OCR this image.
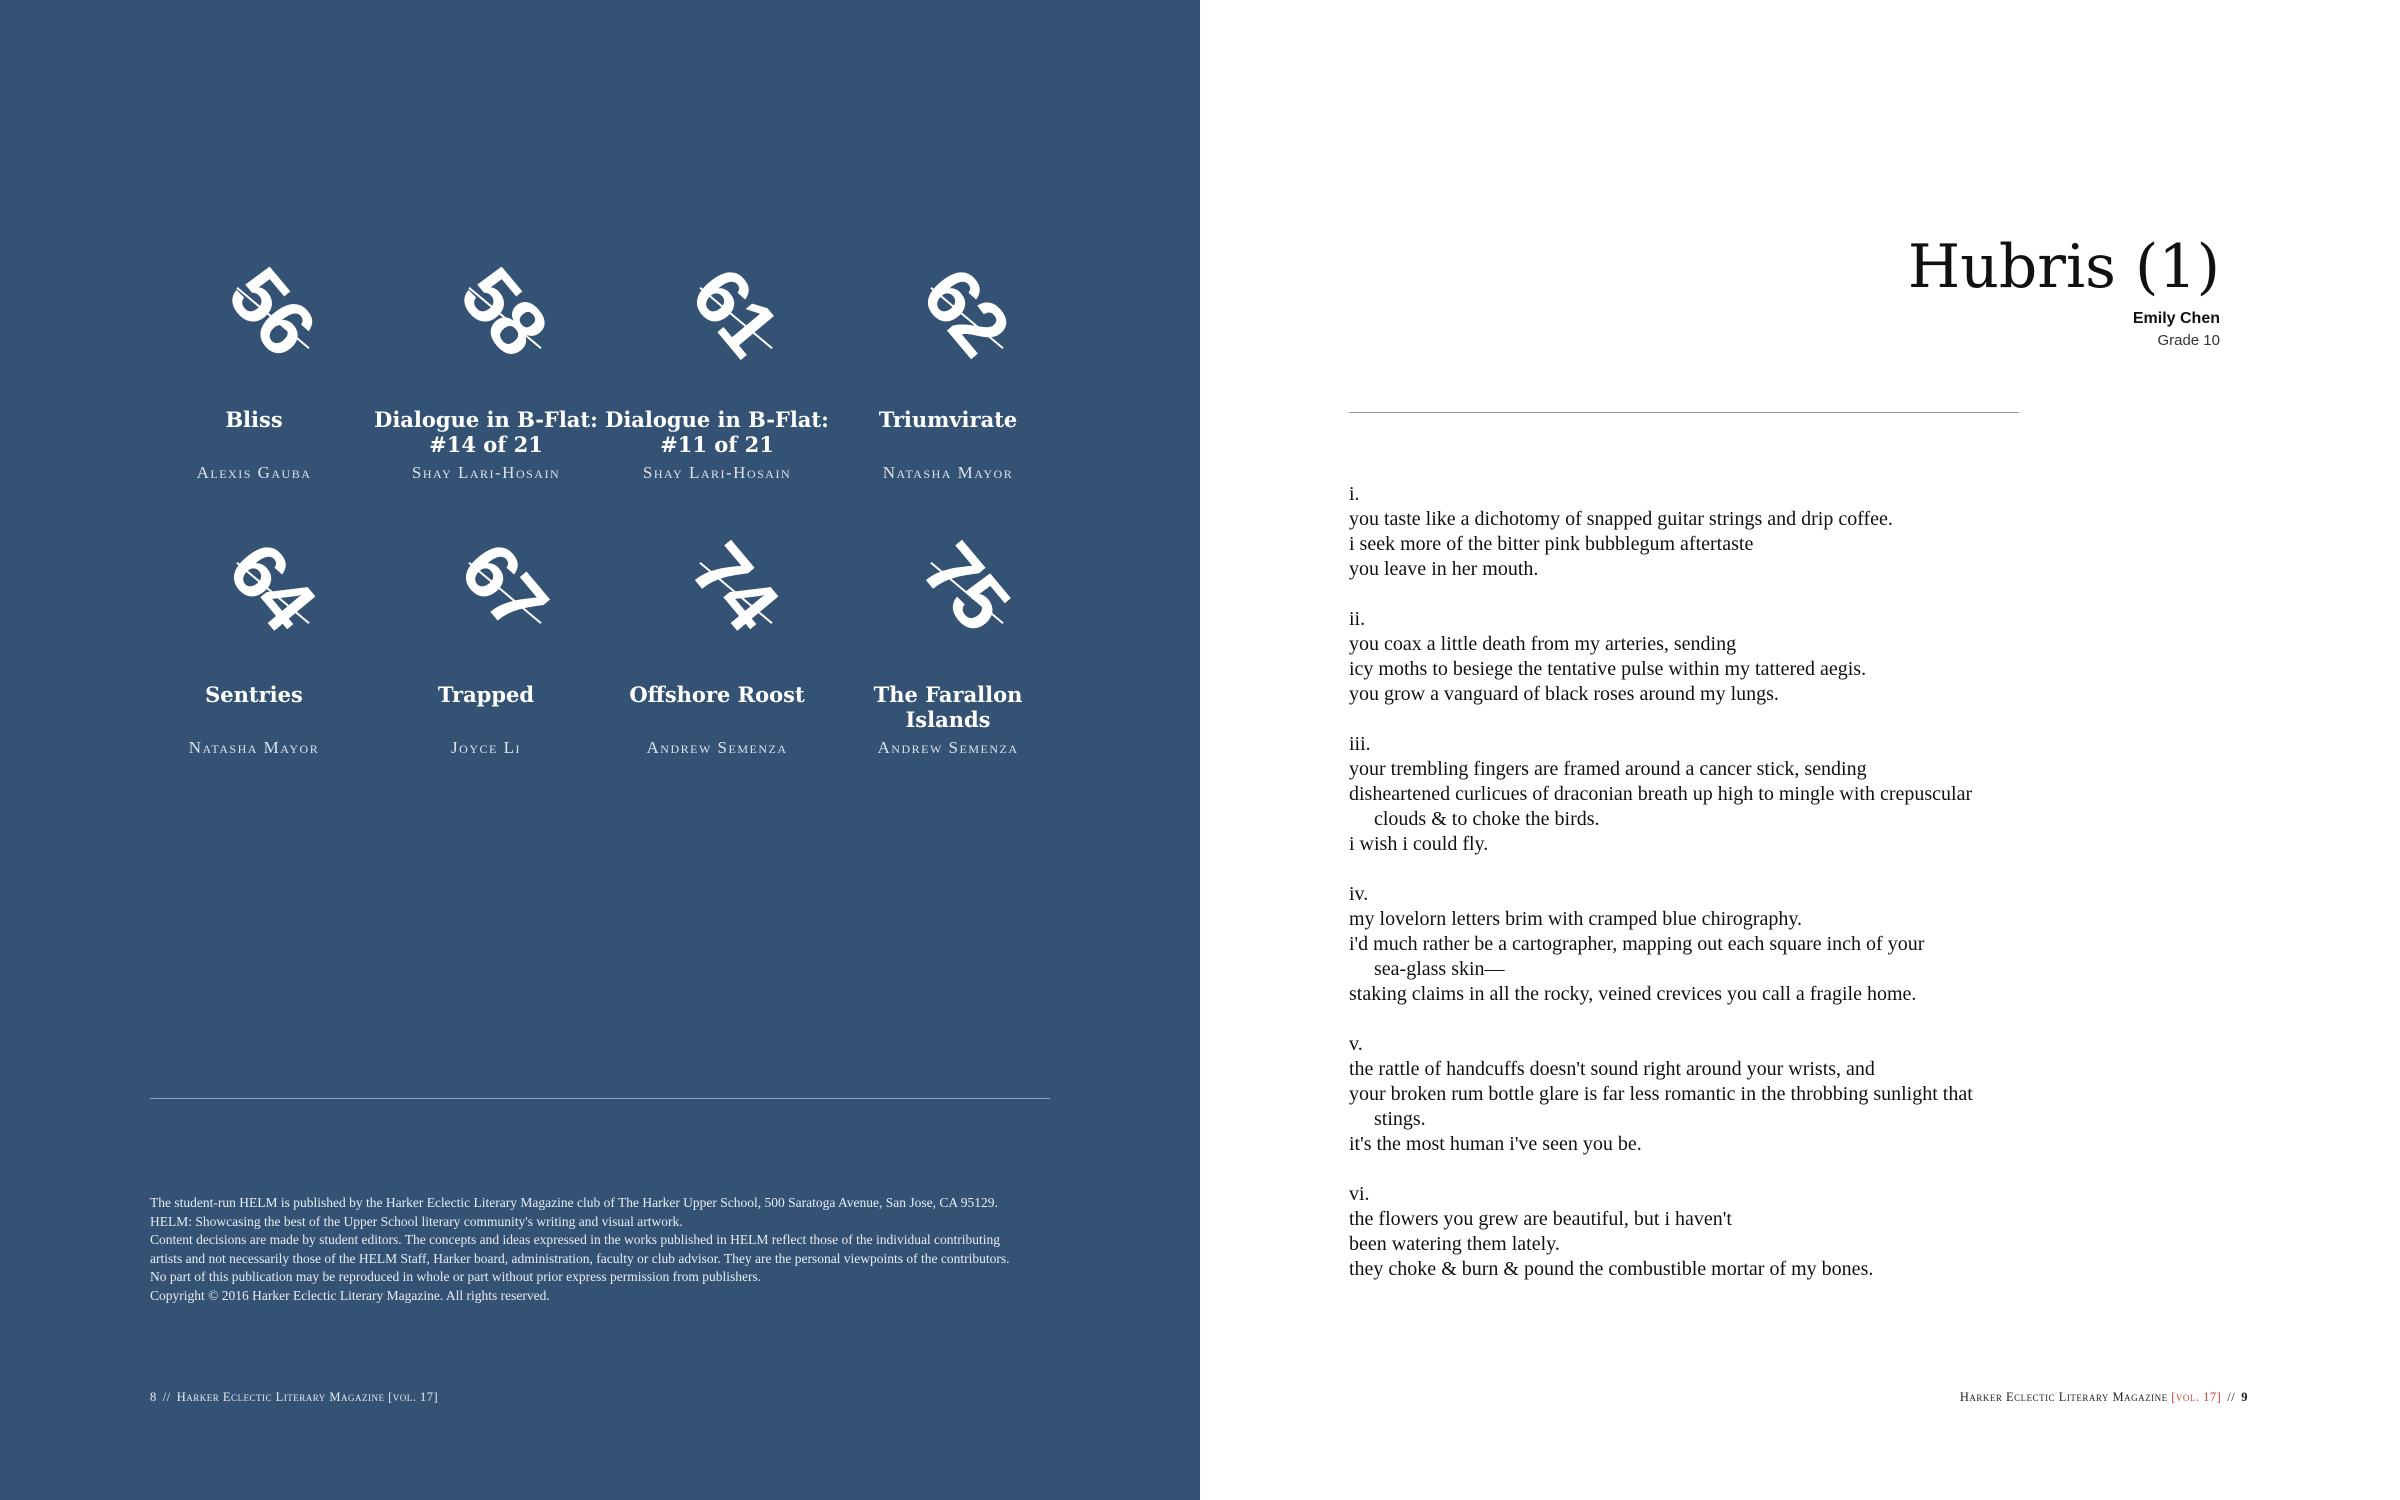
56
Bliss
Alexis Gauba
58
Dialogue in B-Flat: #14 of 21
Shay Lari-Hosain
61
Dialogue in B-Flat: #11 of 21
Shay Lari-Hosain
62
Triumvirate
Natasha Mayor
64
Sentries
Natasha Mayor
67
Trapped
Joyce Li
74
Offshore Roost
Andrew Semenza
75
The Farallon Islands
Andrew Semenza

The student-run HELM is published by the Harker Eclectic Literary Magazine club of The Harker Upper School, 500 Saratoga Avenue, San Jose, CA 95129.

HELM: Showcasing the best of the Upper School literary community's writing and visual artwork.

Content decisions are made by student editors. The concepts and ideas expressed in the works published in HELM reflect those of the individual contributing

artists and not necessarily those of the HELM Staff, Harker board, administration, faculty or club advisor. They are the personal viewpoints of the contributors.

No part of this publication may be reproduced in whole or part without prior express permission from publishers.

Copyright © 2016 Harker Eclectic Literary Magazine. All rights reserved.

8 // Harker Eclectic Literary Magazine [vol. 17]
Hubris (1)
Emily Chen
Grade 10
i.
you taste like a dichotomy of snapped guitar strings and drip coffee.
i seek more of the bitter pink bubblegum aftertaste
you leave in her mouth.
ii.
you coax a little death from my arteries, sending
icy moths to besiege the tentative pulse within my tattered aegis.
you grow a vanguard of black roses around my lungs.
iii.
your trembling fingers are framed around a cancer stick, sending
disheartened curlicues of draconian breath up high to mingle with crepuscular
clouds & to choke the birds.
i wish i could fly.
iv.
my lovelorn letters brim with cramped blue chirography.
i'd much rather be a cartographer, mapping out each square inch of your
sea-glass skin—
staking claims in all the rocky, veined crevices you call a fragile home.
v.
the rattle of handcuffs doesn't sound right around your wrists, and
your broken rum bottle glare is far less romantic in the throbbing sunlight that
stings.
it's the most human i've seen you be.
vi.
the flowers you grew are beautiful, but i haven't
been watering them lately.
they choke & burn & pound the combustible mortar of my bones.
Harker Eclectic Literary Magazine [vol. 17] // 9
